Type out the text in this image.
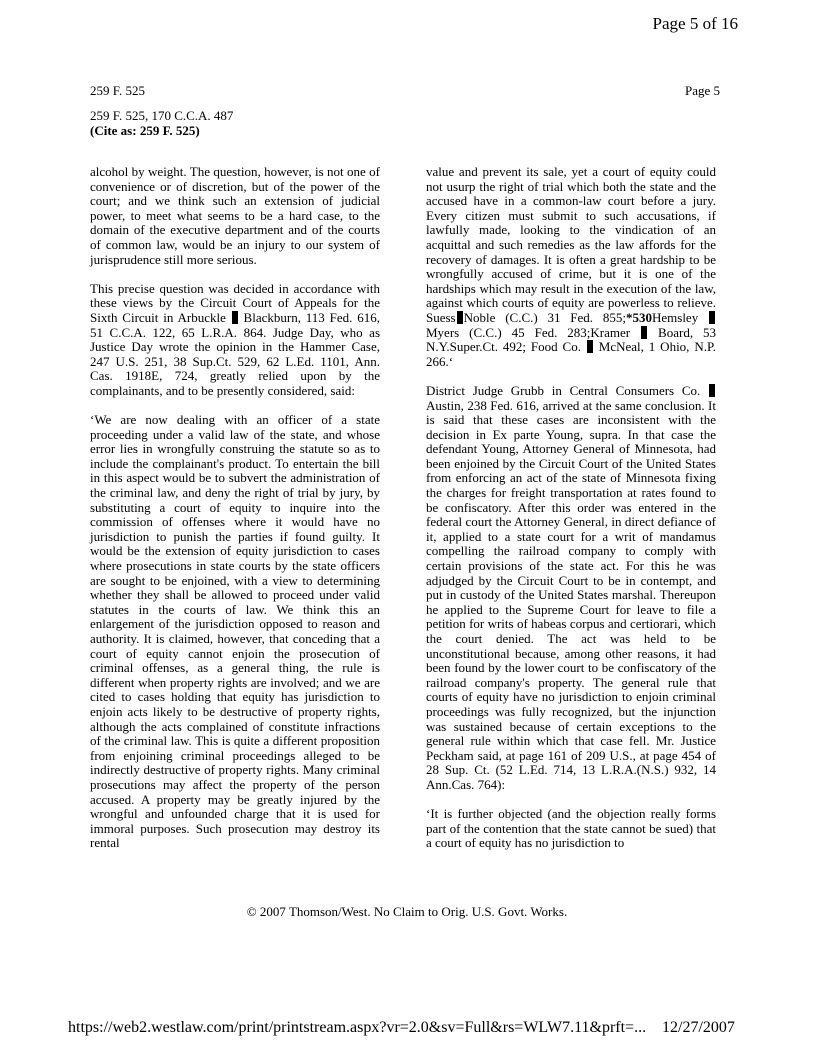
Page 5 of 16
259 F. 525	Page 5
259 F. 525, 170 C.C.A. 487
(Cite as: 259 F. 525)

alcohol by weight. The question, however, is not one of convenience or of discretion, but of the power of the court; and we think such an extension of judicial power, to meet what seems to be a hard case, to the domain of the executive department and of the courts of common law, would be an injury to our system of jurisprudence still more serious.

This precise question was decided in accordance with these views by the Circuit Court of Appeals for the Sixth Circuit in Arbuckle Blackburn, 113 Fed. 616, 51 C.C.A. 122, 65 L.R.A. 864. Judge Day, who as Justice Day wrote the opinion in the Hammer Case, 247 U.S. 251, 38 Sup.Ct. 529, 62 L.Ed. 1101, Ann. Cas. 1918E, 724, greatly relied upon by the complainants, and to be presently considered, said:

‘We are now dealing with an officer of a state proceeding under a valid law of the state, and whose error lies in wrongfully construing the statute so as to include the complainant's product. To entertain the bill in this aspect would be to subvert the administration of the criminal law, and deny the right of trial by jury, by substituting a court of equity to inquire into the commission of offenses where it would have no jurisdiction to punish the parties if found guilty. It would be the extension of equity jurisdiction to cases where prosecutions in state courts by the state officers are sought to be enjoined, with a view to determining whether they shall be allowed to proceed under valid statutes in the courts of law. We think this an enlargement of the jurisdiction opposed to reason and authority. It is claimed, however, that conceding that a court of equity cannot enjoin the prosecution of criminal offenses, as a general thing, the rule is different when property rights are involved; and we are cited to cases holding that equity has jurisdiction to enjoin acts likely to be destructive of property rights, although the acts complained of constitute infractions of the criminal law. This is quite a different proposition from enjoining criminal proceedings alleged to be indirectly destructive of property rights. Many criminal prosecutions may affect the property of the person accused. A property may be greatly injured by the wrongful and unfounded charge that it is used for immoral purposes. Such prosecution may destroy its rental

value and prevent its sale, yet a court of equity could not usurp the right of trial which both the state and the accused have in a common-law court before a jury. Every citizen must submit to such accusations, if lawfully made, looking to the vindication of an acquittal and such remedies as the law affords for the recovery of damages. It is often a great hardship to be wrongfully accused of crime, but it is one of the hardships which may result in the execution of the law, against which courts of equity are powerless to relieve. Suess Noble (C.C.) 31 Fed. 855;*530Hemsley  Myers (C.C.) 45 Fed. 283;Kramer Board, 53 N.Y.Super.Ct. 492; Food Co. McNeal, 1 Ohio, N.P. 266.‘

District Judge Grubb in Central Consumers Co.  Austin, 238 Fed. 616, arrived at the same conclusion. It is said that these cases are inconsistent with the decision in Ex parte Young, supra. In that case the defendant Young, Attorney General of Minnesota, had been enjoined by the Circuit Court of the United States from enforcing an act of the state of Minnesota fixing the charges for freight transportation at rates found to be confiscatory. After this order was entered in the federal court the Attorney General, in direct defiance of it, applied to a state court for a writ of mandamus compelling the railroad company to comply with certain provisions of the state act. For this he was adjudged by the Circuit Court to be in contempt, and put in custody of the United States marshal. Thereupon he applied to the Supreme Court for leave to file a petition for writs of habeas corpus and certiorari, which the court denied. The act was held to be unconstitutional because, among other reasons, it had been found by the lower court to be confiscatory of the railroad company's property. The general rule that courts of equity have no jurisdiction to enjoin criminal proceedings was fully recognized, but the injunction was sustained because of certain exceptions to the general rule within which that case fell. Mr. Justice Peckham said, at page 161 of 209 U.S., at page 454 of 28 Sup. Ct. (52 L.Ed. 714, 13 L.R.A.(N.S.) 932, 14 Ann.Cas. 764):

‘It is further objected (and the objection really forms part of the contention that the state cannot be sued) that a court of equity has no jurisdiction to

© 2007 Thomson/West. No Claim to Orig. U.S. Govt. Works.
https://web2.westlaw.com/print/printstream.aspx?vr=2.0&sv=Full&rs=WLW7.11&prft=... 12/27/2007
